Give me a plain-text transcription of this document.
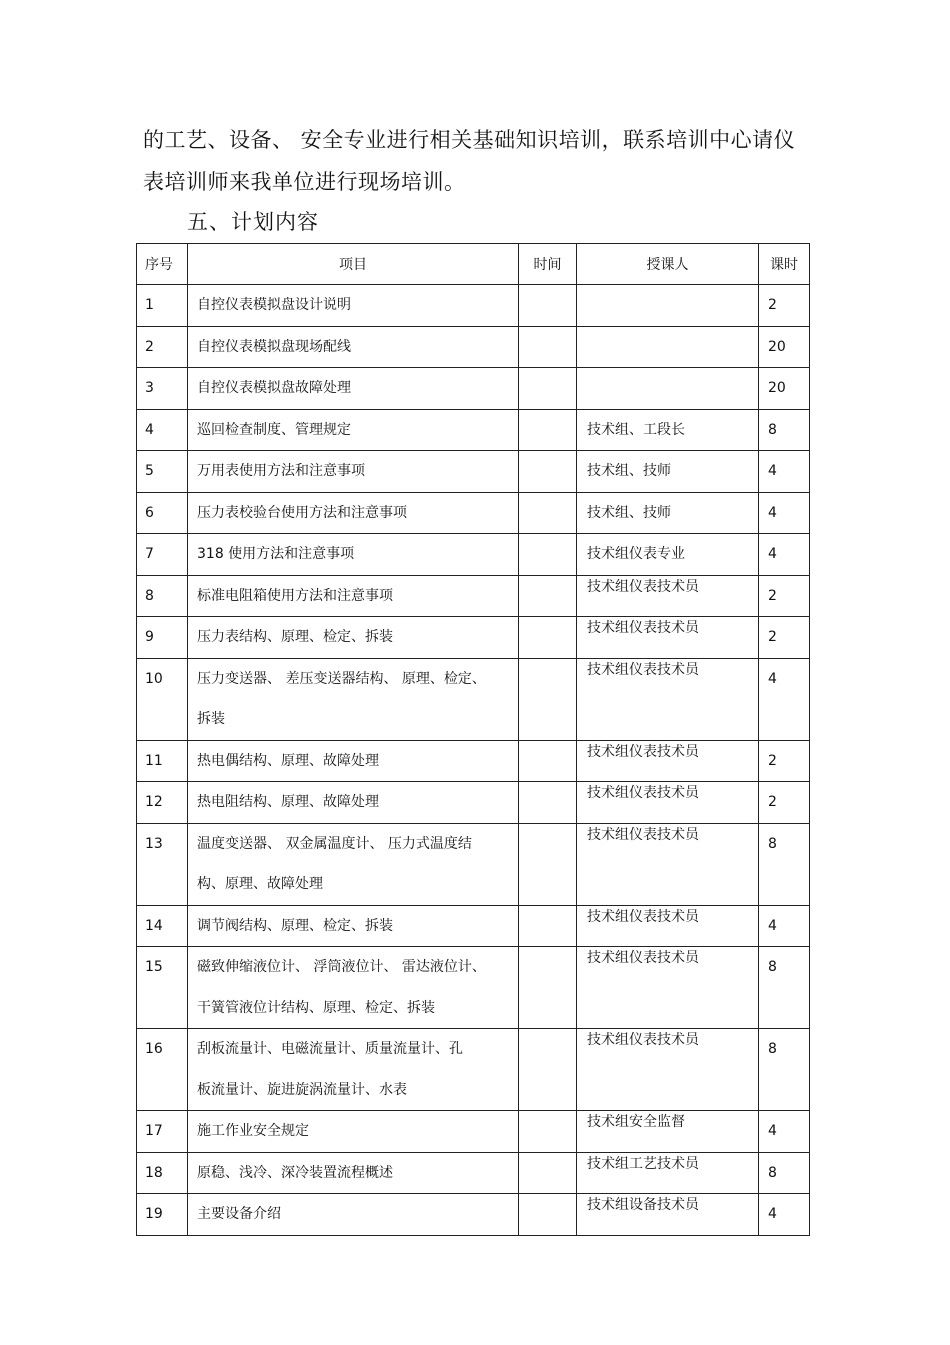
的工艺、设备、 安全专业进行相关基础知识培训，联系培训中心请仪
表培训师来我单位进行现场培训。
五、计划内容
序号	项目	时间	授课人	课时

1	自控仪表模拟盘设计说明			2

2	自控仪表模拟盘现场配线			20

3	自控仪表模拟盘故障处理			20

4	巡回检查制度、管理规定		技术组、工段长	8

5	万用表使用方法和注意事项		技术组、技师	4

6	压力表校验台使用方法和注意事项		技术组、技师	4

7	318 使用方法和注意事项		技术组仪表专业	4

8	标准电阻箱使用方法和注意事项		技术组仪表技术员	2

9	压力表结构、原理、检定、拆装		技术组仪表技术员	2

10	压力变送器、 差压变送器结构、 原理、检定、
拆装		技术组仪表技术员	4

11	热电偶结构、原理、故障处理		技术组仪表技术员	2

12	热电阻结构、原理、故障处理		技术组仪表技术员	2

13	温度变送器、 双金属温度计、 压力式温度结
构、原理、故障处理		技术组仪表技术员	8

14	调节阀结构、原理、检定、拆装		技术组仪表技术员	4

15	磁致伸缩液位计、 浮筒液位计、 雷达液位计、
干簧管液位计结构、原理、检定、拆装		技术组仪表技术员	8

16	刮板流量计、电磁流量计、质量流量计、孔
板流量计、旋进旋涡流量计、水表		技术组仪表技术员	8

17	施工作业安全规定		技术组安全监督	4

18	原稳、浅冷、深冷装置流程概述		技术组工艺技术员	8

19	主要设备介绍		技术组设备技术员	4
